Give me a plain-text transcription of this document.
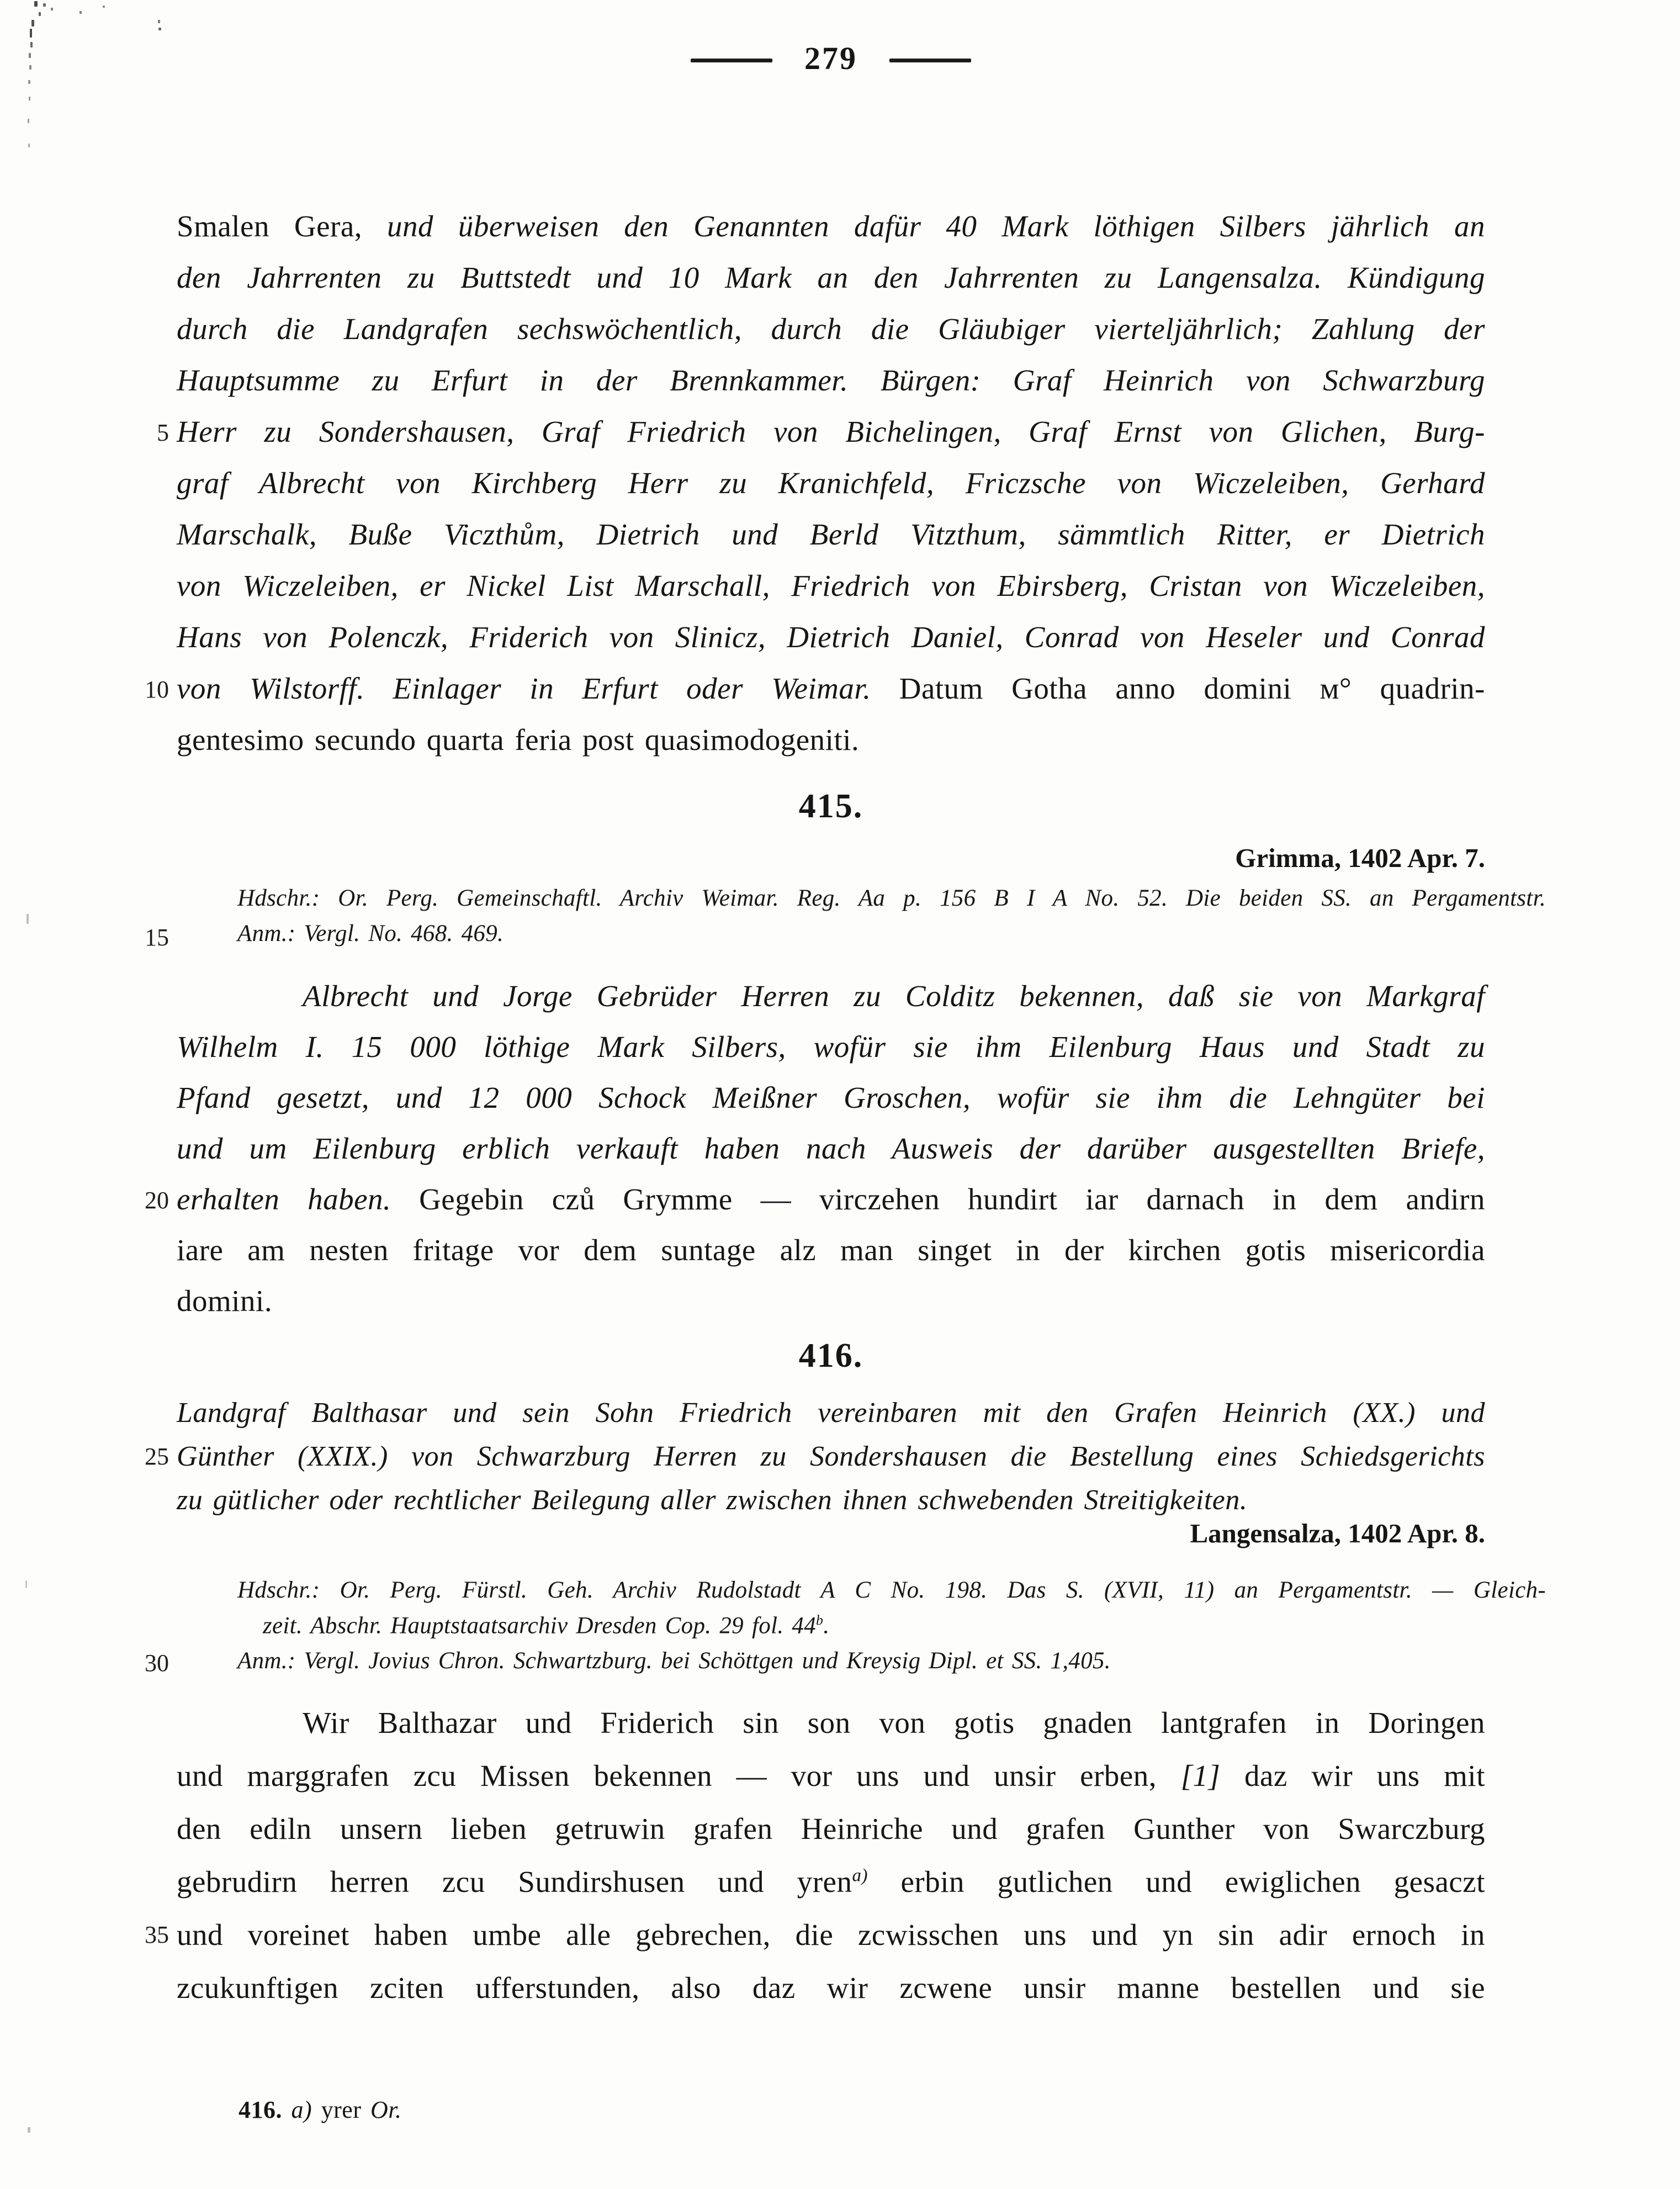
279
Smalen Gera, und überweisen den Genannten dafür 40 Mark löthigen Silbers jährlich an
den Jahrrenten zu Buttstedt und 10 Mark an den Jahrrenten zu Langensalza. Kündigung
durch die Landgrafen sechswöchentlich, durch die Gläubiger vierteljährlich; Zahlung der
Hauptsumme zu Erfurt in der Brennkammer. Bürgen: Graf Heinrich von Schwarzburg
Herr zu Sondershausen, Graf Friedrich von Bichelingen, Graf Ernst von Glichen, Burg-
graf Albrecht von Kirchberg Herr zu Kranichfeld, Friczsche von Wiczeleiben, Gerhard
Marschalk, Buße Viczthům, Dietrich und Berld Vitzthum, sämmtlich Ritter, er Dietrich
von Wiczeleiben, er Nickel List Marschall, Friedrich von Ebirsberg, Cristan von Wiczeleiben,
Hans von Polenczk, Friderich von Slinicz, Dietrich Daniel, Conrad von Heseler und Conrad
von Wilstorff. Einlager in Erfurt oder Weimar. Datum Gotha anno domini ᴍ° quadrin-
gentesimo secundo quarta feria post quasimodogeniti.
415.
Grimma, 1402 Apr. 7.
Hdschr.: Or. Perg. Gemeinschaftl. Archiv Weimar. Reg. Aa p. 156 B I A No. 52. Die beiden SS. an Pergamentstr.
Anm.: Vergl. No. 468. 469.
Albrecht und Jorge Gebrüder Herren zu Colditz bekennen, daß sie von Markgraf
Wilhelm I. 15 000 löthige Mark Silbers, wofür sie ihm Eilenburg Haus und Stadt zu
Pfand gesetzt, und 12 000 Schock Meißner Groschen, wofür sie ihm die Lehngüter bei
und um Eilenburg erblich verkauft haben nach Ausweis der darüber ausgestellten Briefe,
erhalten haben. Gegebin czů Grymme — virczehen hundirt iar darnach in dem andirn
iare am nesten fritage vor dem suntage alz man singet in der kirchen gotis misericordia
domini.
416.
Landgraf Balthasar und sein Sohn Friedrich vereinbaren mit den Grafen Heinrich (XX.) und
Günther (XXIX.) von Schwarzburg Herren zu Sondershausen die Bestellung eines Schiedsgerichts
zu gütlicher oder rechtlicher Beilegung aller zwischen ihnen schwebenden Streitigkeiten.
Langensalza, 1402 Apr. 8.
Hdschr.: Or. Perg. Fürstl. Geh. Archiv Rudolstadt A C No. 198. Das S. (XVII, 11) an Pergamentstr. — Gleich-
zeit. Abschr. Hauptstaatsarchiv Dresden Cop. 29 fol. 44$^b$.
Anm.: Vergl. Jovius Chron. Schwartzburg. bei Schöttgen und Kreysig Dipl. et SS. 1,405.
Wir Balthazar und Friderich sin son von gotis gnaden lantgrafen in Doringen
und marggrafen zcu Missen bekennen — vor uns und unsir erben, [1] daz wir uns mit
den ediln unsern lieben getruwin grafen Heinriche und grafen Gunther von Swarczburg
gebrudirn herren zcu Sundirshusen und yren$^{a)}$ erbin gutlichen und ewiglichen gesaczt
und voreinet haben umbe alle gebrechen, die zcwisschen uns und yn sin adir ernoch in
zcukunftigen zciten ufferstunden, also daz wir zcwene unsir manne bestellen und sie
416. a) yrer Or.
5
10
15
20
25
30
35
